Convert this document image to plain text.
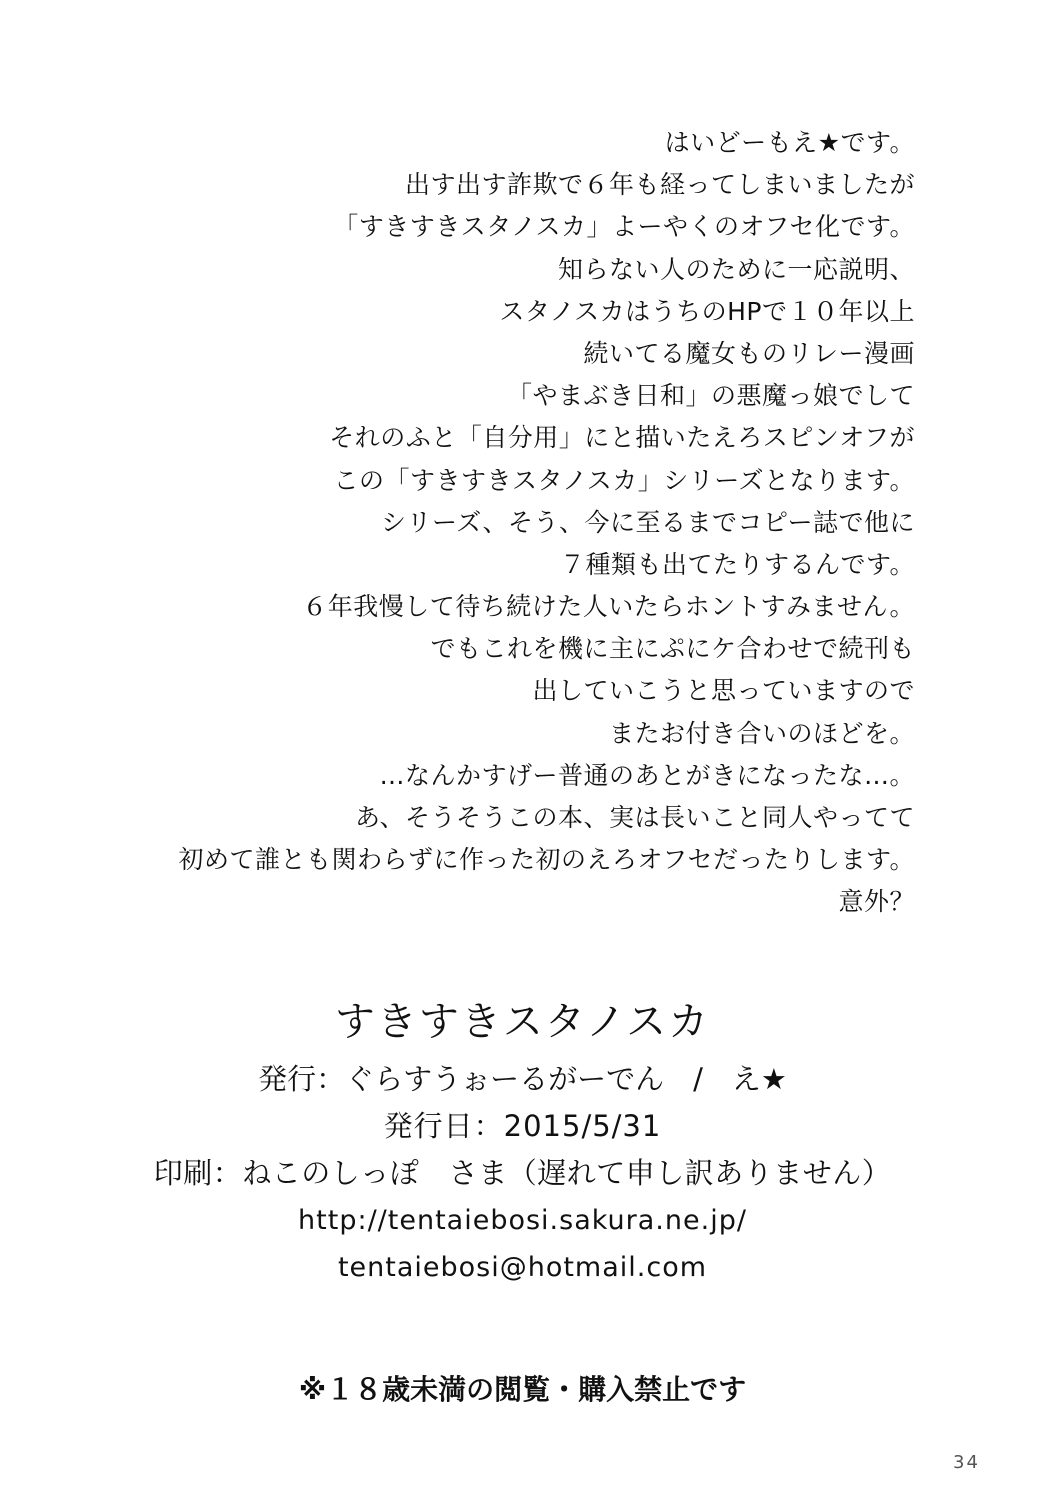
はいどーもえ★です。
出す出す詐欺で６年も経ってしまいましたが
「すきすきスタノスカ」よーやくのオフセ化です。
知らない人のために一応説明、
スタノスカはうちのHPで１０年以上
続いてる魔女ものリレー漫画
「やまぶき日和」の悪魔っ娘でして
それのふと「自分用」にと描いたえろスピンオフが
この「すきすきスタノスカ」シリーズとなります。
シリーズ、そう、今に至るまでコピー誌で他に
７種類も出てたりするんです。
６年我慢して待ち続けた人いたらホントすみません。
でもこれを機に主にぷにケ合わせで続刊も
出していこうと思っていますので
またお付き合いのほどを。
…なんかすげー普通のあとがきになったな…。
あ、そうそうこの本、実は長いこと同人やってて
初めて誰とも関わらずに作った初のえろオフセだったりします。
意外？
すきすきスタノスカ
発行：ぐらすうぉーるがーでん　/　え★
発行日：2015/5/31
印刷：ねこのしっぽ　さま（遅れて申し訳ありません）
http://tentaiebosi.sakura.ne.jp/
tentaiebosi@hotmail.com
※１８歳未満の閲覧・購入禁止です
34
